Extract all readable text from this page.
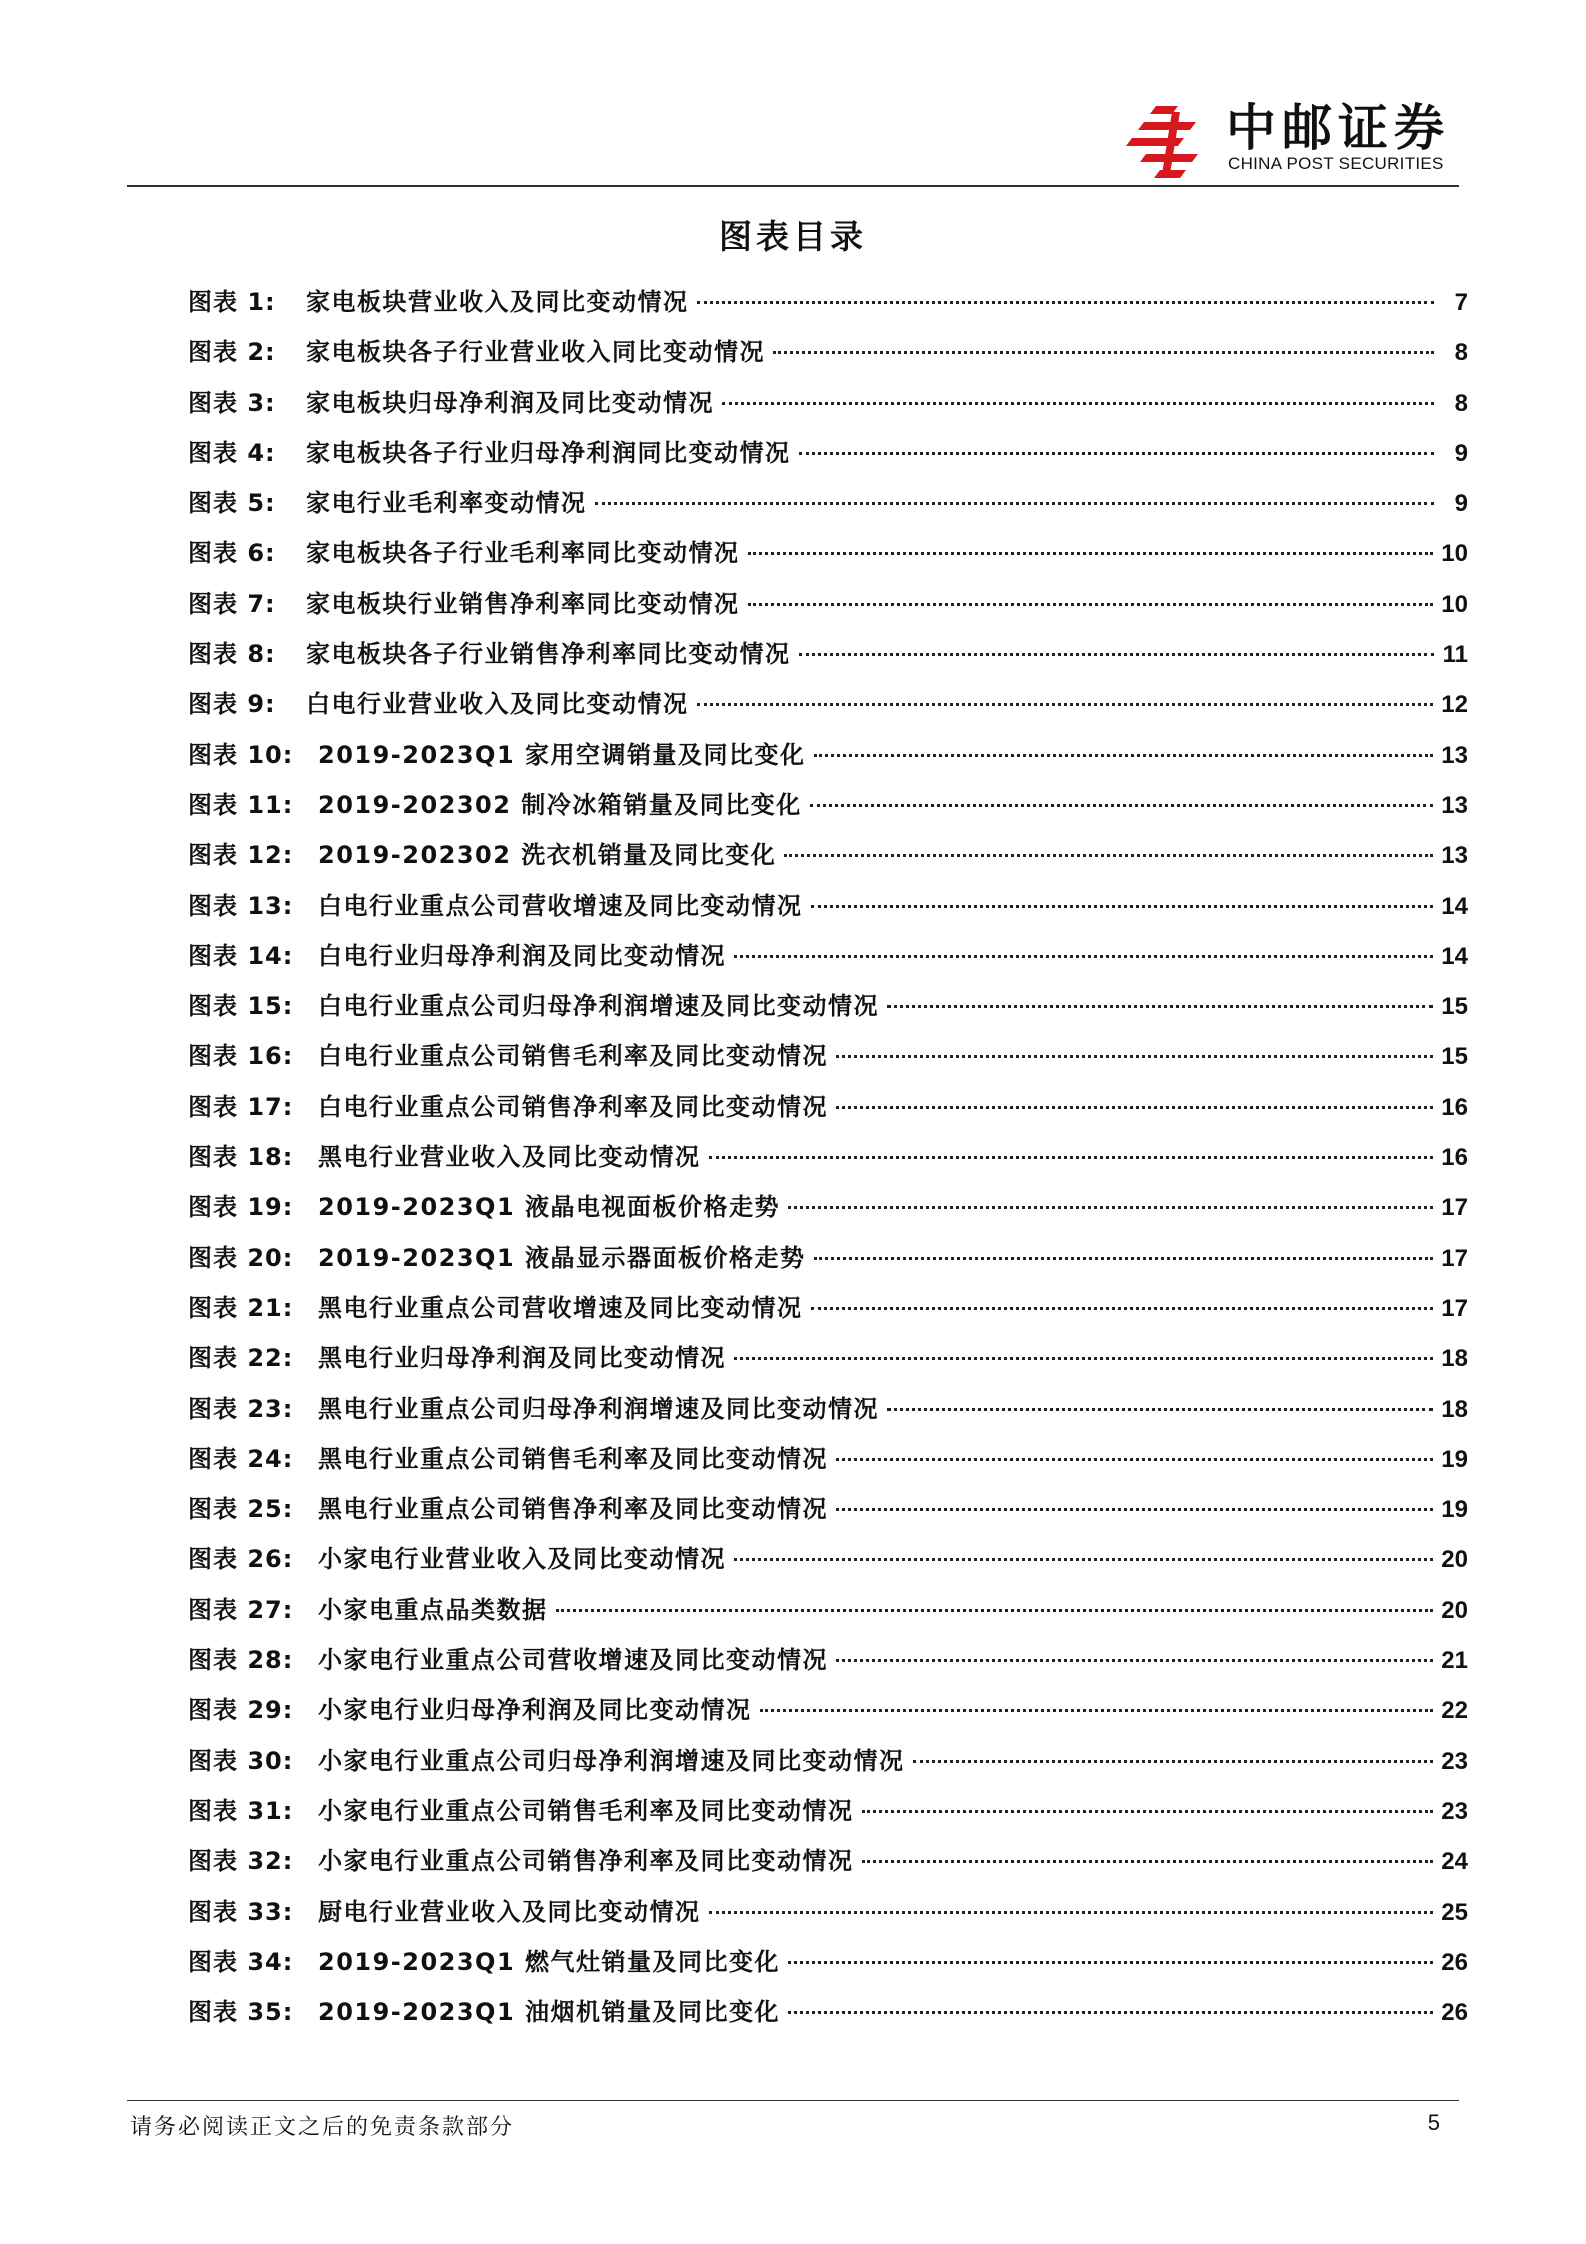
中邮证券
CHINA POST SECURITIES
图表目录
图表 1:	家电板块营业收入及同比变动情况	7
图表 2:	家电板块各子行业营业收入同比变动情况	8
图表 3:	家电板块归母净利润及同比变动情况	8
图表 4:	家电板块各子行业归母净利润同比变动情况	9
图表 5:	家电行业毛利率变动情况	9
图表 6:	家电板块各子行业毛利率同比变动情况	10
图表 7:	家电板块行业销售净利率同比变动情况	10
图表 8:	家电板块各子行业销售净利率同比变动情况	11
图表 9:	白电行业营业收入及同比变动情况	12
图表 10:	2019-2023Q1 家用空调销量及同比变化	13
图表 11:	2019-202302 制冷冰箱销量及同比变化	13
图表 12:	2019-202302 洗衣机销量及同比变化	13
图表 13:	白电行业重点公司营收增速及同比变动情况	14
图表 14:	白电行业归母净利润及同比变动情况	14
图表 15:	白电行业重点公司归母净利润增速及同比变动情况	15
图表 16:	白电行业重点公司销售毛利率及同比变动情况	15
图表 17:	白电行业重点公司销售净利率及同比变动情况	16
图表 18:	黑电行业营业收入及同比变动情况	16
图表 19:	2019-2023Q1 液晶电视面板价格走势	17
图表 20:	2019-2023Q1 液晶显示器面板价格走势	17
图表 21:	黑电行业重点公司营收增速及同比变动情况	17
图表 22:	黑电行业归母净利润及同比变动情况	18
图表 23:	黑电行业重点公司归母净利润增速及同比变动情况	18
图表 24:	黑电行业重点公司销售毛利率及同比变动情况	19
图表 25:	黑电行业重点公司销售净利率及同比变动情况	19
图表 26:	小家电行业营业收入及同比变动情况	20
图表 27:	小家电重点品类数据	20
图表 28:	小家电行业重点公司营收增速及同比变动情况	21
图表 29:	小家电行业归母净利润及同比变动情况	22
图表 30:	小家电行业重点公司归母净利润增速及同比变动情况	23
图表 31:	小家电行业重点公司销售毛利率及同比变动情况	23
图表 32:	小家电行业重点公司销售净利率及同比变动情况	24
图表 33:	厨电行业营业收入及同比变动情况	25
图表 34:	2019-2023Q1 燃气灶销量及同比变化	26
图表 35:	2019-2023Q1 油烟机销量及同比变化	26
请务必阅读正文之后的免责条款部分	5
